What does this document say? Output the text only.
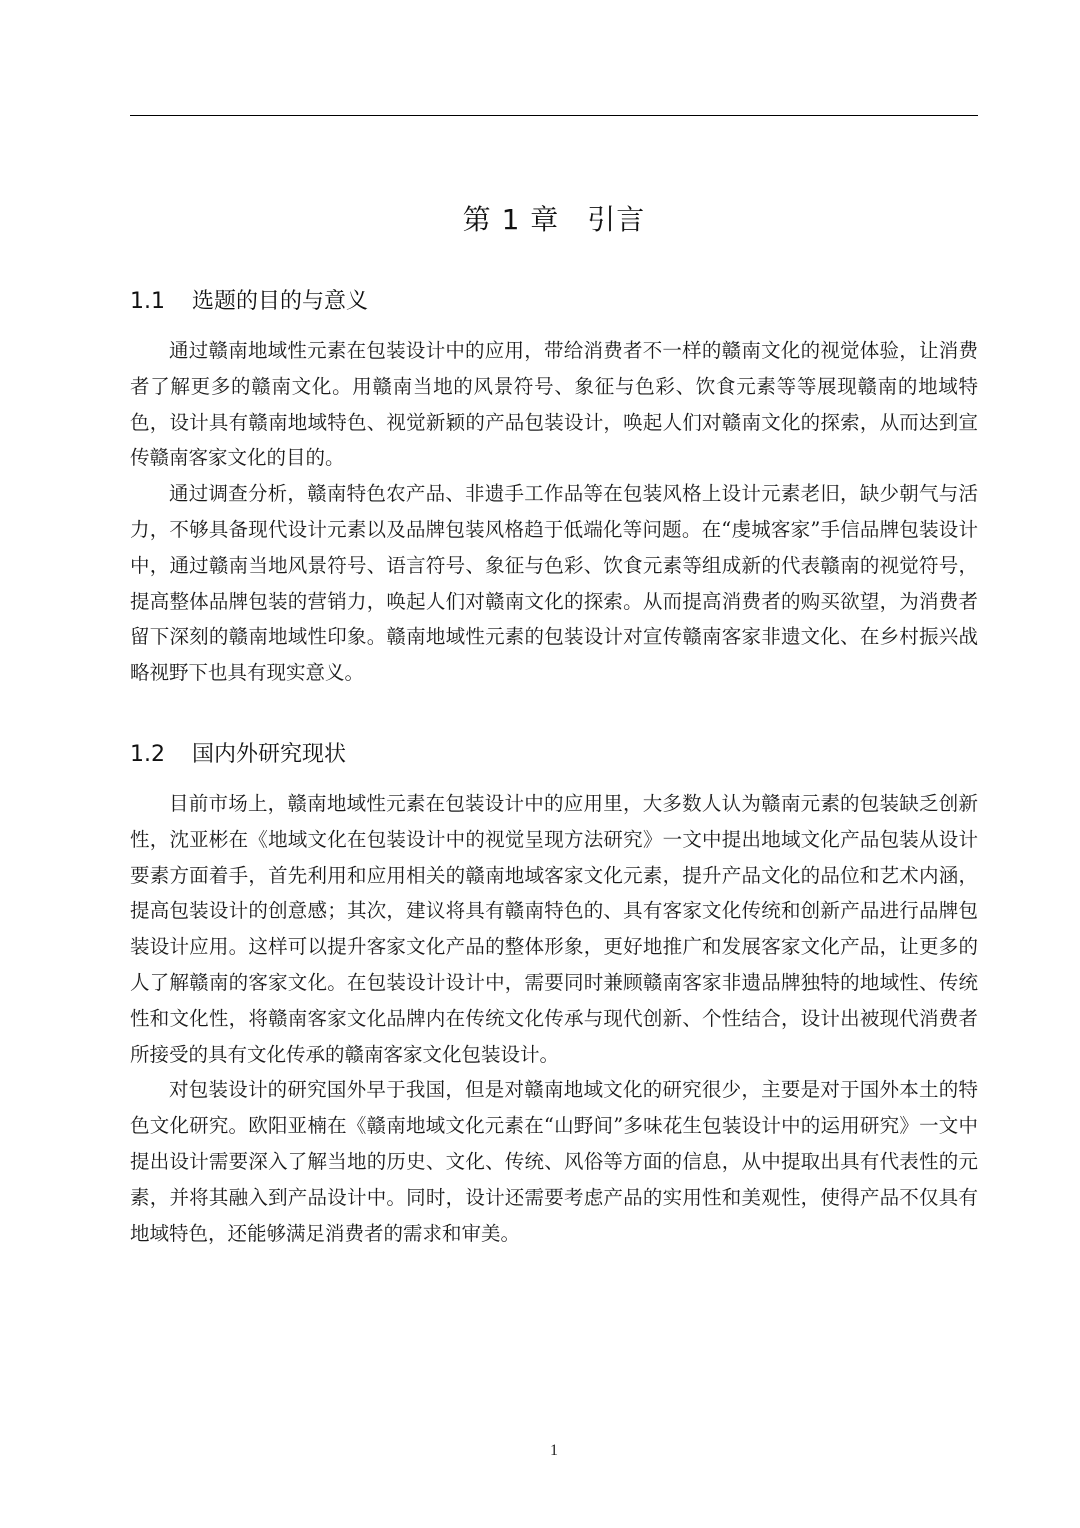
第 1 章 引言
1.1 选题的目的与意义

通过赣南地域性元素在包装设计中的应用，带给消费者不一样的赣南文化的视觉体验，让消费者了解更多的赣南文化。用赣南当地的风景符号、象征与色彩、饮食元素等等展现赣南的地域特色，设计具有赣南地域特色、视觉新颖的产品包装设计，唤起人们对赣南文化的探索，从而达到宣传赣南客家文化的目的。

通过调查分析，赣南特色农产品、非遗手工作品等在包装风格上设计元素老旧，缺少朝气与活力，不够具备现代设计元素以及品牌包装风格趋于低端化等问题。在“虔城客家”手信品牌包装设计中，通过赣南当地风景符号、语言符号、象征与色彩、饮食元素等组成新的代表赣南的视觉符号，提高整体品牌包装的营销力，唤起人们对赣南文化的探索。从而提高消费者的购买欲望，为消费者留下深刻的赣南地域性印象。赣南地域性元素的包装设计对宣传赣南客家非遗文化、在乡村振兴战略视野下也具有现实意义。

1.2 国内外研究现状

目前市场上，赣南地域性元素在包装设计中的应用里，大多数人认为赣南元素的包装缺乏创新性，沈亚彬在《地域文化在包装设计中的视觉呈现方法研究》一文中提出地域文化产品包装从设计要素方面着手，首先利用和应用相关的赣南地域客家文化元素，提升产品文化的品位和艺术内涵，提高包装设计的创意感；其次，建议将具有赣南特色的、具有客家文化传统和创新产品进行品牌包装设计应用。这样可以提升客家文化产品的整体形象，更好地推广和发展客家文化产品，让更多的人了解赣南的客家文化。在包装设计设计中，需要同时兼顾赣南客家非遗品牌独特的地域性、传统性和文化性，将赣南客家文化品牌内在传统文化传承与现代创新、个性结合，设计出被现代消费者所接受的具有文化传承的赣南客家文化包装设计。

对包装设计的研究国外早于我国，但是对赣南地域文化的研究很少，主要是对于国外本土的特色文化研究。欧阳亚楠在《赣南地域文化元素在“山野间”多味花生包装设计中的运用研究》一文中提出设计需要深入了解当地的历史、文化、传统、风俗等方面的信息，从中提取出具有代表性的元素，并将其融入到产品设计中。同时，设计还需要考虑产品的实用性和美观性，使得产品不仅具有地域特色，还能够满足消费者的需求和审美。

1
